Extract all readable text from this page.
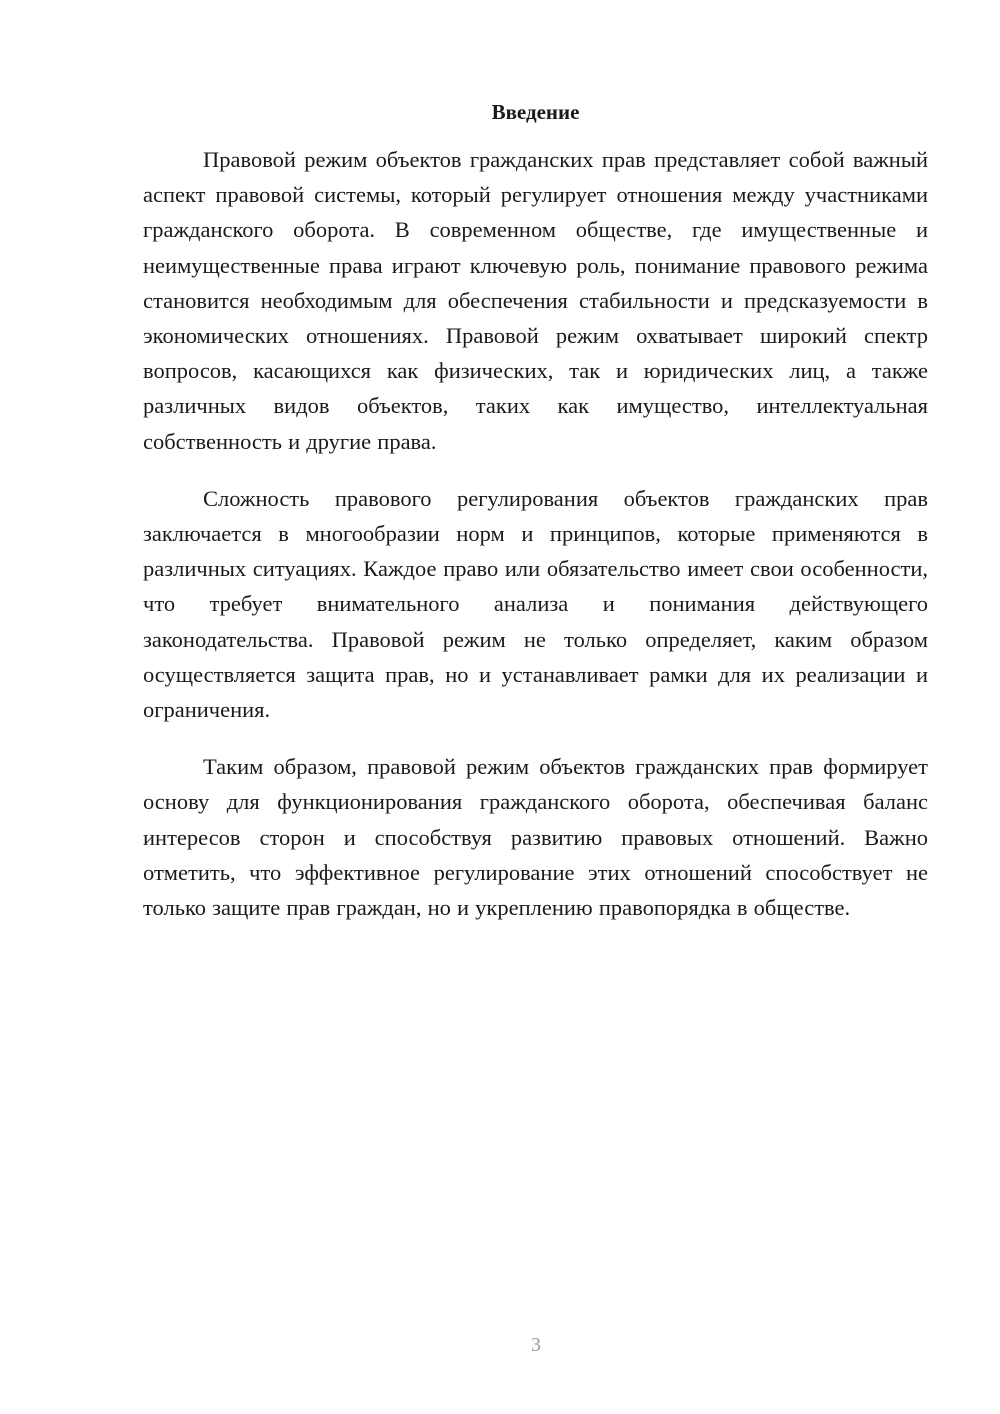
Введение

Правовой режим объектов гражданских прав представляет собой важный аспект правовой системы, который регулирует отношения между участниками гражданского оборота. В современном обществе, где имущественные и неимущественные права играют ключевую роль, понимание правового режима становится необходимым для обеспечения стабильности и предсказуемости в экономических отношениях. Правовой режим охватывает широкий спектр вопросов, касающихся как физических, так и юридических лиц, а также различных видов объектов, таких как имущество, интеллектуальная собственность и другие права.

Сложность правового регулирования объектов гражданских прав заключается в многообразии норм и принципов, которые применяются в различных ситуациях. Каждое право или обязательство имеет свои особенности, что требует внимательного анализа и понимания действующего законодательства. Правовой режим не только определяет, каким образом осуществляется защита прав, но и устанавливает рамки для их реализации и ограничения.

Таким образом, правовой режим объектов гражданских прав формирует основу для функционирования гражданского оборота, обеспечивая баланс интересов сторон и способствуя развитию правовых отношений. Важно отметить, что эффективное регулирование этих отношений способствует не только защите прав граждан, но и укреплению правопорядка в обществе.

3
